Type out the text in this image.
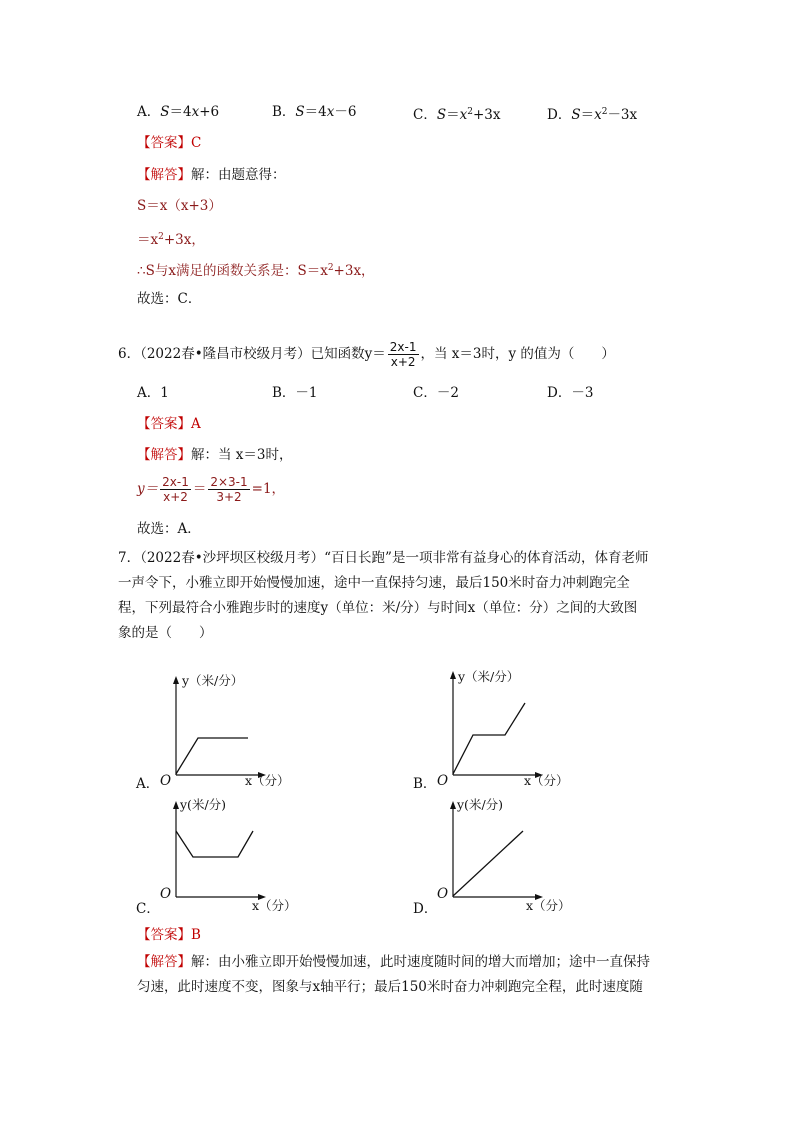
A．S＝4x+6	B．S＝4x－6	C．$S=x^2+3x$	D．$S=x^2-3x$
【答案】C
【解答】解：由题意得：
S＝x（x+3）
$=x^2+3x$，
∴S与x满足的函数关系是：$S=x^2+3x$，
故选：C．
6．（2022春•隆昌市校级月考）已知函数$y= \frac{2x-1}{x+2}$ ，当 x＝3时，y 的值为（　　）
A．1	B．－1	C．－2	D．－3
【答案】A
【解答】解：当 x＝3时，
$y= \frac{2x-1}{x+2} = \frac{2\times 3-1}{3+2} =1$，
故选：A．
7．（2022春•沙坪坝区校级月考）“百日长跑”是一项非常有益身心的体育活动，体育老师
一声令下，小雅立即开始慢慢加速，途中一直保持匀速，最后150米时奋力冲刺跑完全
程，下列最符合小雅跑步时的速度y（单位：米/分）与时间x（单位：分）之间的大致图
象的是（　　）
A． O
y（米/分）
x（分）	B． O
y（米/分）
x（分）
C．
O
y(米/分)
x（分）	D．
O
y(米/分)
x（分）
【答案】B
【解答】解：由小雅立即开始慢慢加速，此时速度随时间的增大而增加；途中一直保持
匀速，此时速度不变，图象与x轴平行；最后150米时奋力冲刺跑完全程，此时速度随
